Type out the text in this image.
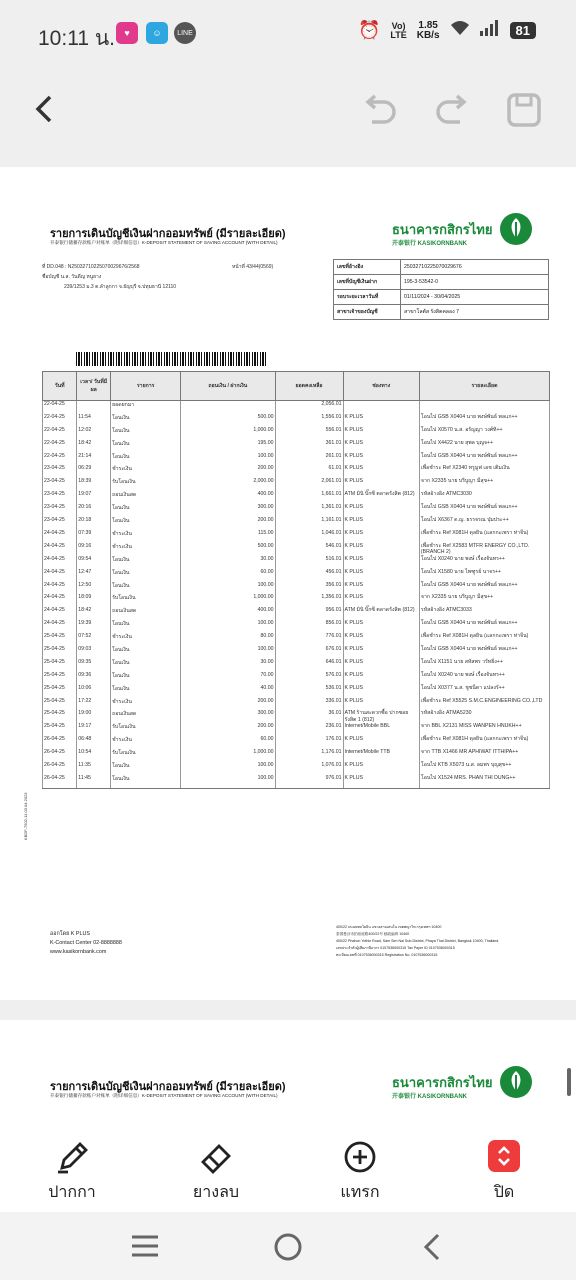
10:11 น.	♥	☺	LINE	⏰ Vo)
LTE
1.85
KB/s	81
รายการเดินบัญชีเงินฝากออมทรัพย์ (มีรายละเอียด)
开泰银行储蓄存款账户对账单（附详细信息）K-DEPOSIT STATEMENT OF SAVING ACCOUNT (WITH DETAIL)
ธนาคารกสิกรไทย
开泰银行 KASIKORNBANK
ที่ DD.048 : N2503271022507002967​6/2568	หน้าที่ 43/44(0569)
ชื่อบัญชี น.ส. วันดีญ หนูยาง
239/1253 ม.3 ต.ลำลูกกา จ.ธัญบุรี จ.ปทุมธานี 12110
เลขที่อ้างอิง	250327102250700296​76
เลขที่บัญชีเงินฝาก	195-3-53542-0
รอบระยะเวลาวันที่	01/11/2024 - 30/04/2025
สาขาเจ้าของบัญชี	สาขาโลตัส รังสิตคลอง 7
วันที่	เวลา/ วันที่มีผล	รายการ	ถอนเงิน / ฝากเงิน	ยอดคงเหลือ	ช่องทาง	รายละเอียด
22-04-25		ยอดยกมา		2,056.01		
22-04-25	11:54	โอนเงิน	500.00	1,556.01	K PLUS	โอนไป GSB X0404 นาย พงษ์พันธ์ พลแก++
22-04-25	12:02	โอนเงิน	1,000.00	556.01	K PLUS	โอนไป X0570 น.ส. อรัญญา วงศ์ทิ++
22-04-25	18:42	โอนเงิน	195.00	361.01	K PLUS	โอนไป X4422 นาย สุพล บุญจ++
22-04-25	21:14	โอนเงิน	100.00	261.01	K PLUS	โอนไป GSB X0404 นาย พงษ์พันธ์ พลแก++
23-04-25	06:29	ชำระเงิน	200.00	61.01	K PLUS	เพื่อชำระ Ref X2340 ทรูมูฟ เอช เติมเงิน
23-04-25	18:39	รับโอนเงิน	2,000.00	2,061.01	K PLUS	จาก X2335 นาย บริบูญา มีสุข++
23-04-25	19:07	ถอนเงินสด	400.00	1,661.01	ATM มินิ บิ๊กซี ตลาดรังสิต (812)	รหัสอ้างอิง ATMC3030
23-04-25	20:16	โอนเงิน	300.00	1,361.01	K PLUS	โอนไป GSB X0404 นาย พงษ์พันธ์ พลแก++
23-04-25	20:18	โอนเงิน	200.00	1,161.01	K PLUS	โอนไป X6367 ด.ญ. ธรรจรณ ปุ่มประ++
24-04-25	07:39	ชำระเงิน	115.00	1,046.01	K PLUS	เพื่อชำระ Ref X081H ดุลยิน (แลกกะเพรา ท่าจีน)
24-04-25	09:16	ชำระเงิน	500.00	546.01	K PLUS	เพื่อชำระ Ref X2583 MTFR ENERGY CO.,LTD. (BRANCH 2)
24-04-25	09:54	โอนเงิน	30.00	516.01	K PLUS	โอนไป X0240 นาย พงษ์ เรื่องจันทร++
24-04-25	12:47	โอนเงิน	60.00	456.01	K PLUS	โอนไป X1580 นาย ไพฑูรย์ นาจร++
24-04-25	12:50	โอนเงิน	100.00	356.01	K PLUS	โอนไป GSB X0404 นาย พงษ์พันธ์ พลแก++
24-04-25	18:09	รับโอนเงิน	1,000.00	1,356.01	K PLUS	จาก X2335 นาย บริบูญา มีสุข++
24-04-25	18:42	ถอนเงินสด	400.00	956.01	ATM มินิ บิ๊กซี ตลาดรังสิต (812)	รหัสอ้างอิง ATMC3033
24-04-25	19:39	โอนเงิน	100.00	856.01	K PLUS	โอนไป GSB X0404 นาย พงษ์พันธ์ พลแก++
25-04-25	07:52	ชำระเงิน	80.00	776.01	K PLUS	เพื่อชำระ Ref X081H ดุลยิน (แลกกะเพรา ท่าจีน)
25-04-25	09:03	โอนเงิน	100.00	676.01	K PLUS	โอนไป GSB X0404 นาย พงษ์พันธ์ พลแก++
25-04-25	09:35	โอนเงิน	30.00	646.01	K PLUS	โอนไป X1151 นาย สหัสพร วรัทยิ่ง++
25-04-25	09:36	โอนเงิน	70.00	576.01	K PLUS	โอนไป X0240 นาย พงษ์ เรื่องจันทร++
25-04-25	10:06	โอนเงิน	40.00	536.01	K PLUS	โอนไป X0377 น.ส. ชูชนีดา แปลงรั++
25-04-25	17:22	ชำระเงิน	200.00	336.01	K PLUS	เพื่อชำระ Ref X5525 S.M.C.ENGINEERING CO.,LTD
25-04-25	19:00	ถอนเงินสด	300.00	36.01	ATM ร้านสะดวกซื้อ ปากซอย รังสิต 1 (812)	รหัสอ้างอิง ATMA5230
25-04-25	19:17	รับโอนเงิน	200.00	236.01	Internet/Mobile BBL	จาก BBL X2131 MISS WANPEN HNUKH++
26-04-25	06:48	ชำระเงิน	60.00	176.01	K PLUS	เพื่อชำระ Ref X081H ดุลยิน (แลกกะเพรา ท่าจีน)
26-04-25	10:54	รับโอนเงิน	1,000.00	1,176.01	Internet/Mobile TTB	จาก TTB X1466 MR APHIWAT ITTHIPA++
26-04-25	11:35	โอนเงิน	100.00	1,076.01	K PLUS	โอนไป KTB X5073 น.ส. ลมพร บุญสุข++
26-04-25	11:45	โอนเงิน	100.00	976.01	K PLUS	โอนไป X1524 MRS. PHAN THI DUNG++
KBDF-7502-11.03.04.2023
ออกโดย K PLUS
K-Contact Center 02-8888888
www.kasikornbank.com
400/22 ถนนพหลโยธิน แขวงสามเสนใน เขตพญาไท กรุงเทพฯ 10400
泰国曼谷市拍裕庭路400/22号 邮政编码 10400
400/22 Phahon Yothin Road, Sam Sen Nai Sub-District, Phaya Thai District, Bangkok 10400, Thailand.
เลขประจำตัวผู้เสียภาษีอากร 0107536000315 Tax Payer ID 0107536000315
ทะเบียนเลขที่ 0107536000315 Registration No. 0107536000315
รายการเดินบัญชีเงินฝากออมทรัพย์ (มีรายละเอียด)
开泰银行储蓄存款账户对账单（附详细信息）K-DEPOSIT STATEMENT OF SAVING ACCOUNT (WITH DETAIL)
ธนาคารกสิกรไทย
开泰银行 KASIKORNBANK
ปากกา	ยางลบ	แทรก	ปิด
